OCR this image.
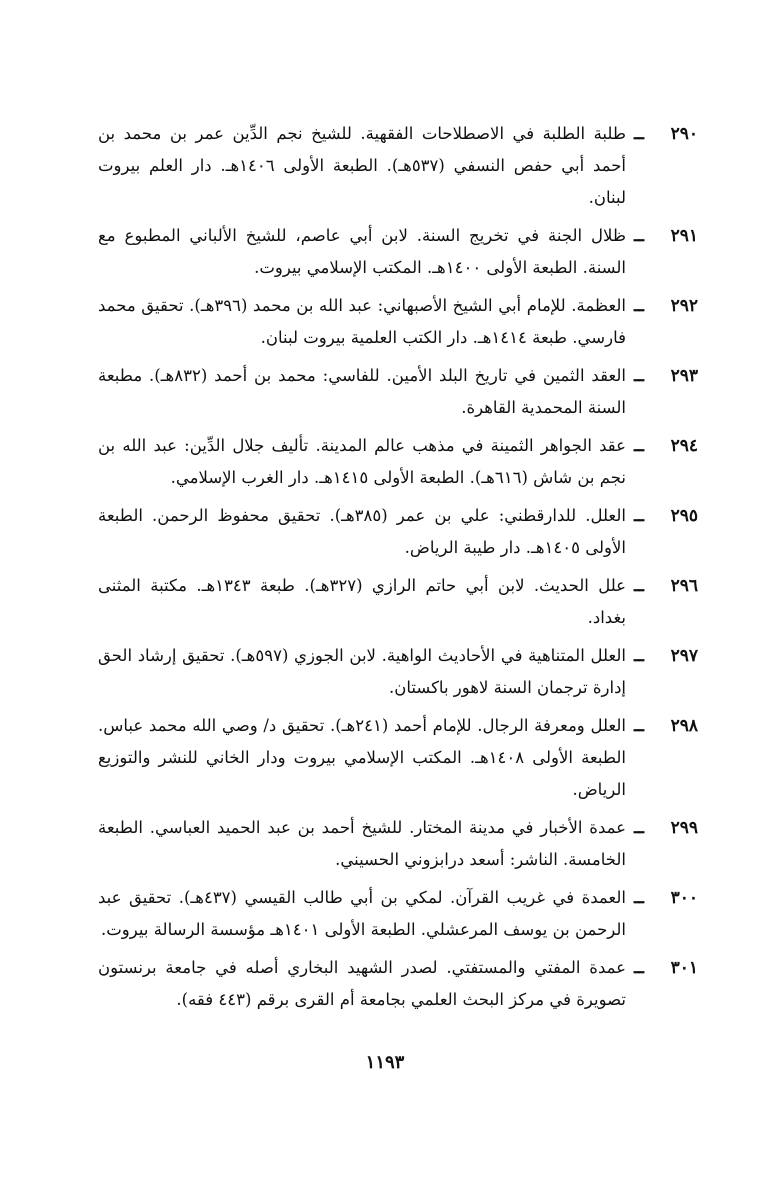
٢٩٠
ــ
طلبة الطلبة في الاصطلاحات الفقهية. للشيخ نجم الدِّين عمر بن محمد بن أحمد أبي حفص النسفي (٥٣٧هـ). الطبعة الأولى ١٤٠٦هـ. دار العلم بيروت لبنان.
٢٩١
ــ
ظلال الجنة في تخريج السنة. لابن أبي عاصم، للشيخ الألباني المطبوع مع السنة. الطبعة الأولى ١٤٠٠هـ. المكتب الإسلامي بيروت.
٢٩٢
ــ
العظمة. للإمام أبي الشيخ الأصبهاني: عبد الله بن محمد (٣٩٦هـ). تحقيق محمد فارسي. طبعة ١٤١٤هـ. دار الكتب العلمية بيروت لبنان.
٢٩٣
ــ
العقد الثمين في تاريخ البلد الأمين. للفاسي: محمد بن أحمد (٨٣٢هـ). مطبعة السنة المحمدية القاهرة.
٢٩٤
ــ
عقد الجواهر الثمينة في مذهب عالم المدينة. تأليف جلال الدِّين: عبد الله بن نجم بن شاش (٦١٦هـ). الطبعة الأولى ١٤١٥هـ. دار الغرب الإسلامي.
٢٩٥
ــ
العلل. للدارقطني: علي بن عمر (٣٨٥هـ). تحقيق محفوظ الرحمن. الطبعة الأولى ١٤٠٥هـ. دار طيبة الرياض.
٢٩٦
ــ
علل الحديث. لابن أبي حاتم الرازي (٣٢٧هـ). طبعة ١٣٤٣هـ. مكتبة المثنى بغداد.
٢٩٧
ــ
العلل المتناهية في الأحاديث الواهية. لابن الجوزي (٥٩٧هـ). تحقيق إرشاد الحق إدارة ترجمان السنة لاهور باكستان.
٢٩٨
ــ
العلل ومعرفة الرجال. للإمام أحمد (٢٤١هـ). تحقيق د/ وصي الله محمد عباس. الطبعة الأولى ١٤٠٨هـ. المكتب الإسلامي بيروت ودار الخاني للنشر والتوزيع الرياض.
٢٩٩
ــ
عمدة الأخبار في مدينة المختار. للشيخ أحمد بن عبد الحميد العباسي. الطبعة الخامسة. الناشر: أسعد درابزوني الحسيني.
٣٠٠
ــ
العمدة في غريب القرآن. لمكي بن أبي طالب القيسي (٤٣٧هـ). تحقيق عبد الرحمن بن يوسف المرعشلي. الطبعة الأولى ١٤٠١هـ مؤسسة الرسالة بيروت.
٣٠١
ــ
عمدة المفتي والمستفتي. لصدر الشهيد البخاري أصله في جامعة برنستون تصويرة في مركز البحث العلمي بجامعة أم القرى برقم (٤٤٣ فقه).
١١٩٣
